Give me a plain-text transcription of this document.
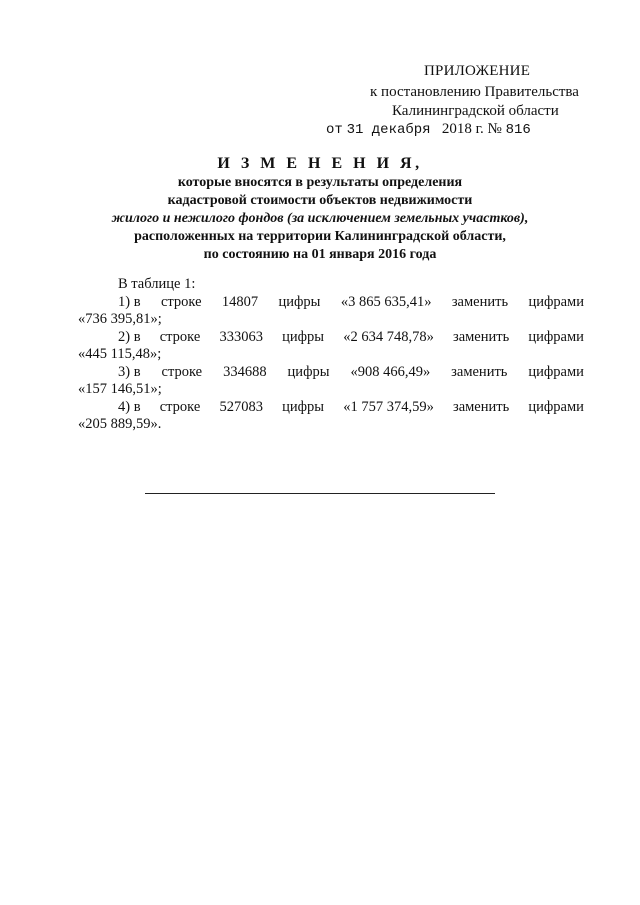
ПРИЛОЖЕНИЕ
к постановлению Правительства
Калининградской области
от 31 декабря 2018 г. № 816
И З М Е Н Е Н И Я,
которые вносятся в результаты определения
кадастровой стоимости объектов недвижимости
жилого и нежилого фондов (за исключением земельных участков),
расположенных на территории Калининградской области,
по состоянию на 01 января 2016 года
В таблице 1:
1) в строке 14807 цифры «3 865 635,41» заменить цифрами
«736 395,81»;
2) в строке 333063 цифры «2 634 748,78» заменить цифрами
«445 115,48»;
3) в строке 334688 цифры «908 466,49» заменить цифрами
«157 146,51»;
4) в строке 527083 цифры «1 757 374,59» заменить цифрами
«205 889,59».
